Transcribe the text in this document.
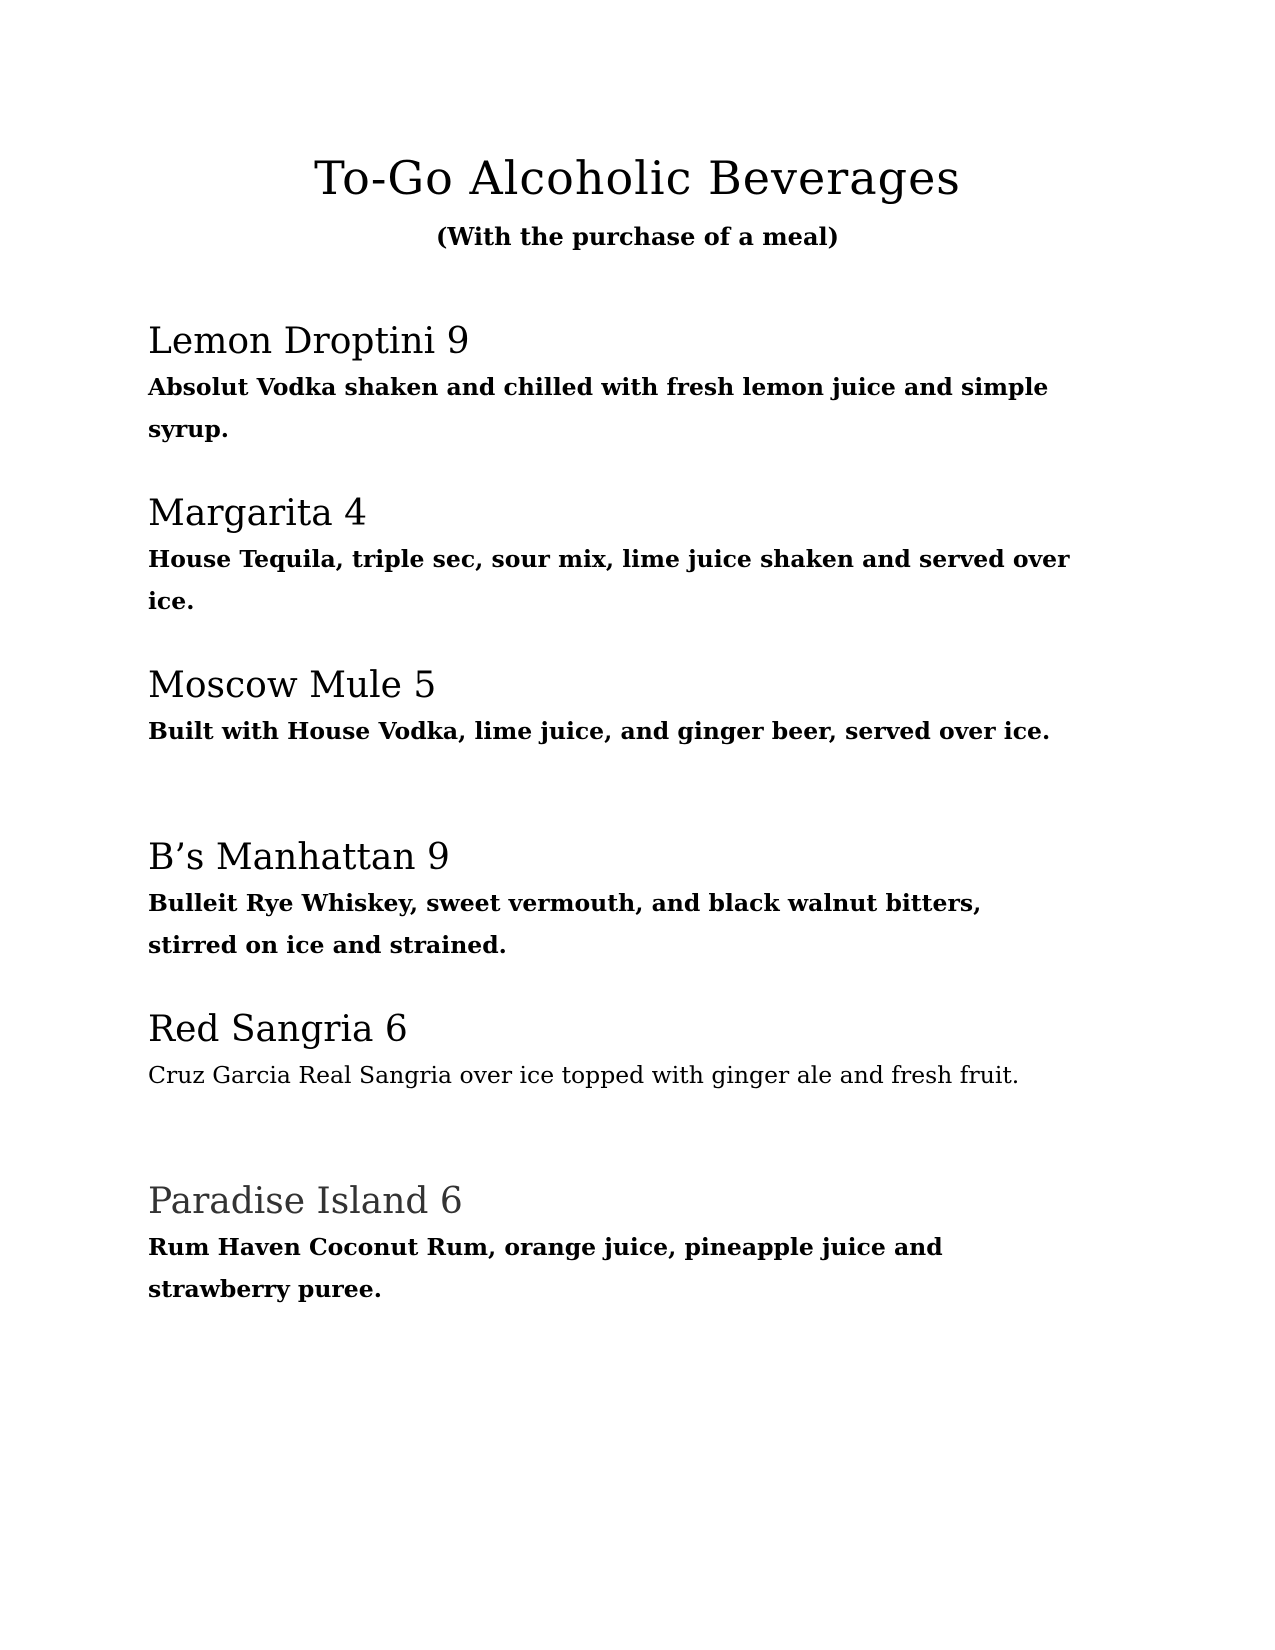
To-Go Alcoholic Beverages

(With the purchase of a meal)

Lemon Droptini 9

Absolut Vodka shaken and chilled with fresh lemon juice and simple syrup.

Margarita 4

House Tequila, triple sec, sour mix, lime juice shaken and served over ice.

Moscow Mule 5

Built with House Vodka, lime juice, and ginger beer, served over ice.

B’s Manhattan 9

Bulleit Rye Whiskey, sweet vermouth, and black walnut bitters, stirred on ice and strained.

Red Sangria 6

Cruz Garcia Real Sangria over ice topped with ginger ale and fresh fruit.

Paradise Island 6

Rum Haven Coconut Rum, orange juice, pineapple juice and strawberry puree.
